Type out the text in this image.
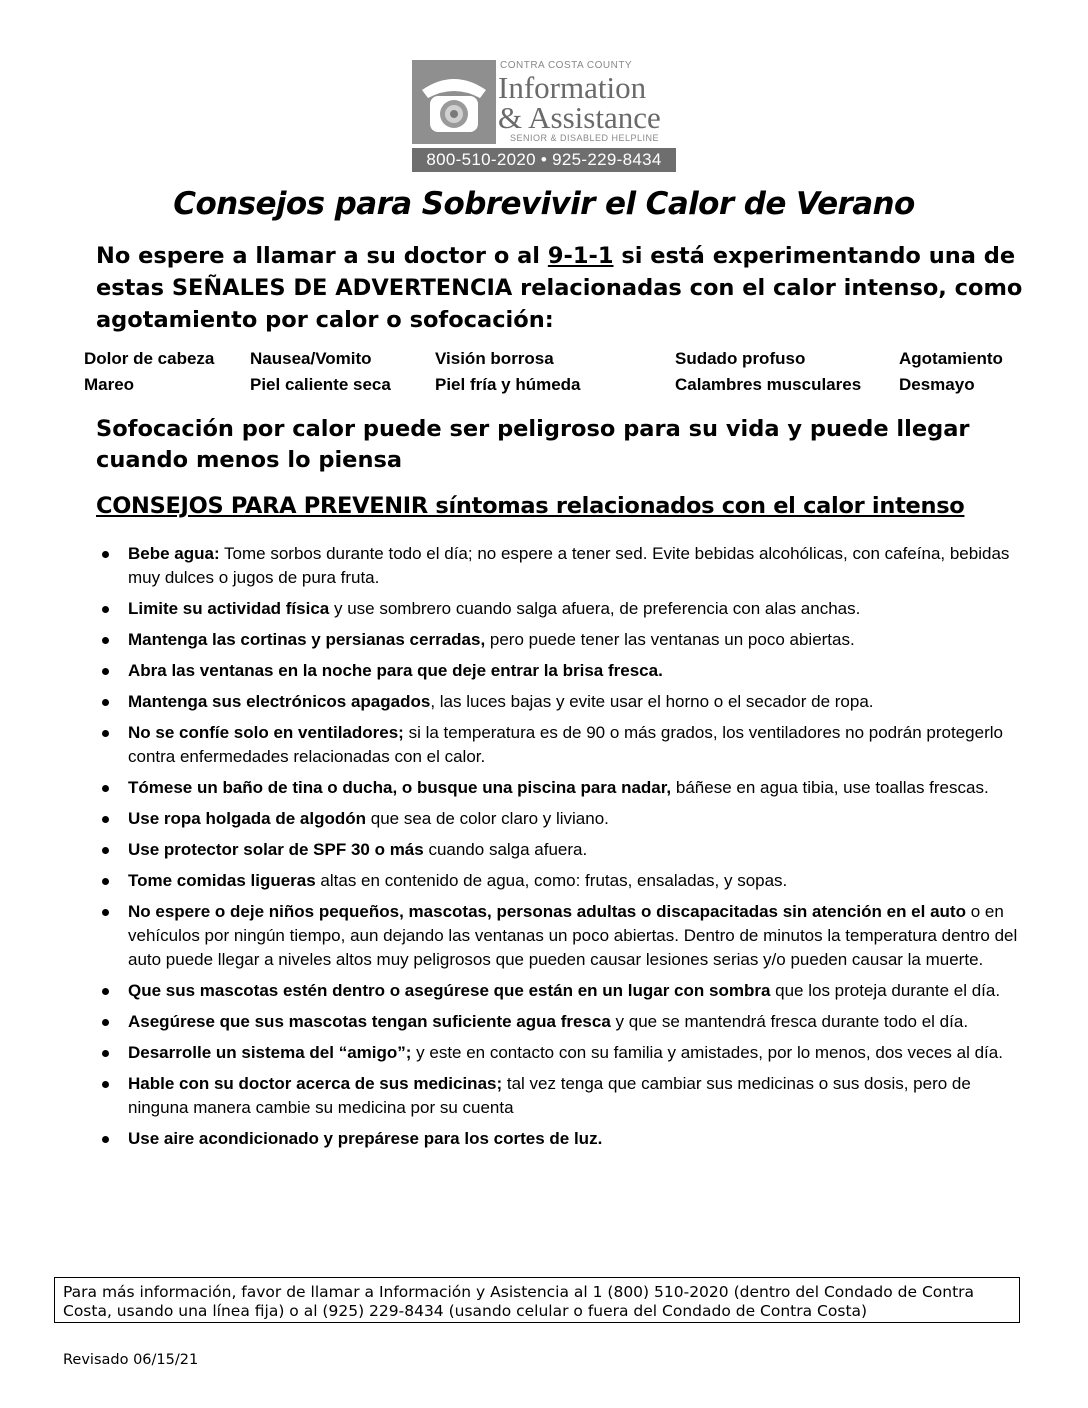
CONTRA COSTA COUNTY
Information
& Assistance
SENIOR & DISABLED HELPLINE
800-510-2020 • 925-229-8434
Consejos para Sobrevivir el Calor de Verano

No espere a llamar a su doctor o al 9-1-1 si está experimentando una de estas SEÑALES DE ADVERTENCIA relacionadas con el calor intenso, como agotamiento por calor o sofocación:

Dolor de cabeza	Nausea/Vomito	Visión borrosa	Sudado profuso	Agotamiento
Mareo	Piel caliente seca	Piel fría y húmeda	Calambres musculares	Desmayo

Sofocación por calor puede ser peligroso para su vida y puede llegar cuando menos lo piensa

CONSEJOS PARA PREVENIR síntomas relacionados con el calor intenso
Bebe agua: Tome sorbos durante todo el día; no espere a tener sed. Evite bebidas alcohólicas, con cafeína, bebidas muy dulces o jugos de pura fruta.
Limite su actividad física y use sombrero cuando salga afuera, de preferencia con alas anchas.
Mantenga las cortinas y persianas cerradas, pero puede tener las ventanas un poco abiertas.
Abra las ventanas en la noche para que deje entrar la brisa fresca.
Mantenga sus electrónicos apagados, las luces bajas y evite usar el horno o el secador de ropa.
No se confíe solo en ventiladores; si la temperatura es de 90 o más grados, los ventiladores no podrán protegerlo contra enfermedades relacionadas con el calor.
Tómese un baño de tina o ducha, o busque una piscina para nadar, báñese en agua tibia, use toallas frescas.
Use ropa holgada de algodón que sea de color claro y liviano.
Use protector solar de SPF 30 o más cuando salga afuera.
Tome comidas ligueras altas en contenido de agua, como: frutas, ensaladas, y sopas.
No espere o deje niños pequeños, mascotas, personas adultas o discapacitadas sin atención en el auto o en vehículos por ningún tiempo, aun dejando las ventanas un poco abiertas. Dentro de minutos la temperatura dentro del auto puede llegar a niveles altos muy peligrosos que pueden causar lesiones serias y/o pueden causar la muerte.
Que sus mascotas estén dentro o asegúrese que están en un lugar con sombra que los proteja durante el día.
Asegúrese que sus mascotas tengan suficiente agua fresca y que se mantendrá fresca durante todo el día.
Desarrolle un sistema del “amigo”; y este en contacto con su familia y amistades, por lo menos, dos veces al día.
Hable con su doctor acerca de sus medicinas; tal vez tenga que cambiar sus medicinas o sus dosis, pero de ninguna manera cambie su medicina por su cuenta
Use aire acondicionado y prepárese para los cortes de luz.
Para más información, favor de llamar a Información y Asistencia al 1 (800) 510-2020 (dentro del Condado de Contra Costa, usando una línea fija) o al (925) 229-8434 (usando celular o fuera del Condado de Contra Costa)
Revisado 06/15/21
